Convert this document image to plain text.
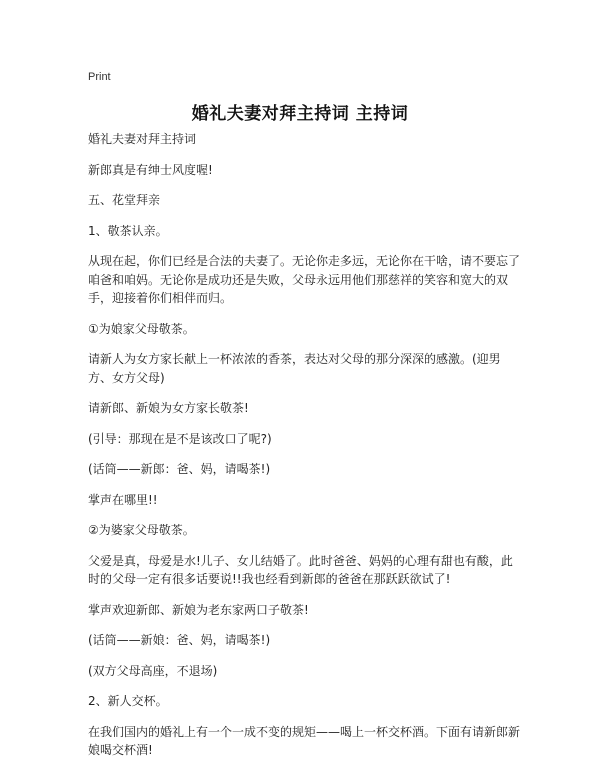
Print
婚礼夫妻对拜主持词 主持词

婚礼夫妻对拜主持词

新郎真是有绅士风度喔!

五、花堂拜亲

1、敬茶认亲。

从现在起，你们已经是合法的夫妻了。无论你走多远，无论你在干啥，请不要忘了咱爸和咱妈。无论你是成功还是失败，父母永远用他们那慈祥的笑容和宽大的双手，迎接着你们相伴而归。

①为娘家父母敬茶。

请新人为女方家长献上一杯浓浓的香茶，表达对父母的那分深深的感激。(迎男方、女方父母)

请新郎、新娘为女方家长敬茶!

(引导：那现在是不是该改口了呢?)

(话筒——新郎：爸、妈，请喝茶!)

掌声在哪里!!

②为婆家父母敬茶。

父爱是真，母爱是水!儿子、女儿结婚了。此时爸爸、妈妈的心理有甜也有酸，此时的父母一定有很多话要说!!我也经看到新郎的爸爸在那跃跃欲试了!

掌声欢迎新郎、新娘为老东家两口子敬茶!

(话筒——新娘：爸、妈，请喝茶!)

(双方父母高座，不退场)

2、新人交杯。

在我们国内的婚礼上有一个一成不变的规矩——喝上一杯交杯酒。下面有请新郎新娘喝交杯酒!
